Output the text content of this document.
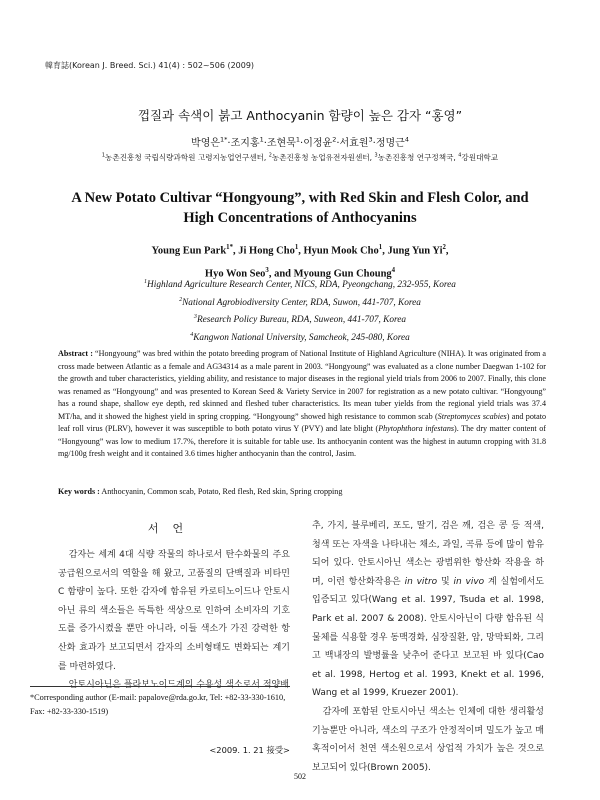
韓育誌(Korean J. Breed. Sci.) 41(4) : 502~506 (2009)
껍질과 속색이 붉고 Anthocyanin 함량이 높은 감자 “홍영”
박영은$^{1*}$·조지홍$^1$·조현묵$^1$·이정윤$^2$·서효원$^3$·정명근$^4$
$^1$농촌진흥청 국립식량과학원 고령지농업연구센터, $^2$농촌진흥청 농업유전자원센터, $^3$농촌진흥청 연구정책국, $^4$강원대학교
A New Potato Cultivar “Hongyoung”, with Red Skin and Flesh Color, and
High Concentrations of Anthocyanins
Young Eun Park$^{1*}$, Ji Hong Cho$^1$, Hyun Mook Cho$^1$, Jung Yun Yi$^2$,
Hyo Won Seo$^3$, and Myoung Gun Choung$^4$
$^1$Highland Agriculture Research Center, NICS, RDA, Pyeongchang, 232-955, Korea
$^2$National Agrobiodiversity Center, RDA, Suwon, 441-707, Korea
$^3$Research Policy Bureau, RDA, Suweon, 441-707, Korea
$^4$Kangwon National University, Samcheok, 245-080, Korea
Abstract : “Hongyoung” was bred within the potato breeding program of National Institute of Highland Agriculture (NIHA). It was originated from a cross made between Atlantic as a female and AG34314 as a male parent in 2003. “Hongyoung” was evaluated as a clone number Daegwan 1-102 for the growth and tuber characteristics, yielding ability, and resistance to major diseases in the regional yield trials from 2006 to 2007. Finally, this clone was renamed as “Hongyoung” and was presented to Korean Seed & Variety Service in 2007 for registration as a new potato cultivar. “Hongyoung” has a round shape, shallow eye depth, red skinned and fleshed tuber characteristics. Its mean tuber yields from the regional yield trials was 37.4 MT/ha, and it showed the highest yield in spring cropping. “Hongyoung” showed high resistance to common scab (Streptomyces scabies) and potato leaf roll virus (PLRV), however it was susceptible to both potato virus Y (PVY) and late blight (Phytophthora infestans). The dry matter content of “Hongyoung” was low to medium 17.7%, therefore it is suitable for table use. Its anthocyanin content was the highest in autumn cropping with 31.8 mg/100g fresh weight and it contained 3.6 times higher anthocyanin than the control, Jasim.
Key words : Anthocyanin, Common scab, Potato, Red flesh, Red skin, Spring cropping
서언

감자는 세계 4대 식량 작물의 하나로서 탄수화물의 주요 공급원으로서의 역할을 해 왔고, 고품질의 단백질과 비타민 C 함량이 높다. 또한 감자에 함유된 카로티노이드나 안토시아닌 류의 색소들은 독특한 색상으로 인하여 소비자의 기호도를 증가시켰을 뿐만 아니라, 이들 색소가 가진 강력한 항산화 효과가 보고되면서 감자의 소비형태도 변화되는 계기를 마련하였다.

안토시아닌은 플라보노이드계의 수용성 색소로서 적양배

추, 가지, 블루베리, 포도, 딸기, 검은 깨, 검은 콩 등 적색, 청색 또는 자색을 나타내는 채소, 과일, 곡류 등에 많이 함유되어 있다. 안토시아닌 색소는 광범위한 항산화 작용을 하며, 이런 항산화작용은 in vitro 및 in vivo 계 실험에서도 입증되고 있다(Wang et al. 1997, Tsuda et al. 1998, Park et al. 2007 & 2008). 안토시아닌이 다량 함유된 식물체를 식용할 경우 동맥경화, 심장질환, 암, 망막퇴화, 그리고 백내장의 발병률을 낮추어 준다고 보고된 바 있다(Cao et al. 1998, Hertog et al. 1993, Knekt et al. 1996, Wang et al 1999, Kruezer 2001).

감자에 포함된 안토시아닌 색소는 인체에 대한 생리활성 기능뿐만 아니라, 색소의 구조가 안정적이며 밀도가 높고 매혹적이어서 천연 색소원으로서 상업적 가치가 높은 것으로 보고되어 있다(Brown 2005).

*Corresponding author (E-mail: papalove@rda.go.kr, Tel: +82-33-330-1610, Fax: +82-33-330-1519)
<2009. 1. 21 接受>
502
